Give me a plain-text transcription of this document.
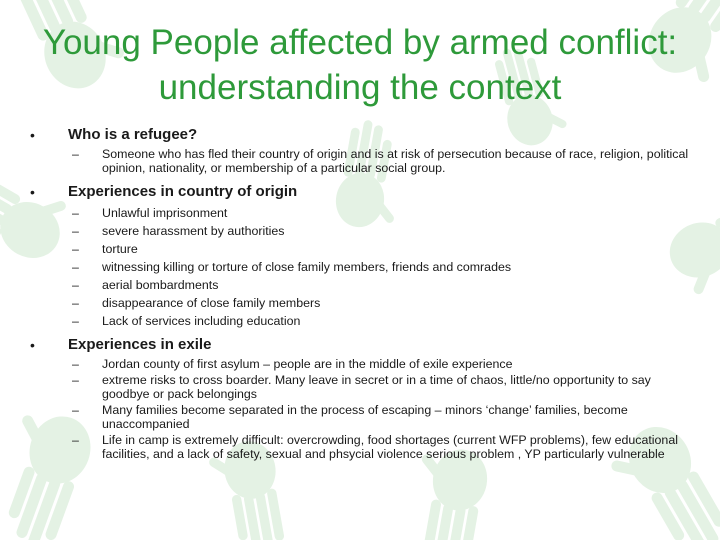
Young People affected by armed conflict: understanding the context
• Who is a refugee?
– Someone who has fled their country of origin and is at risk of persecution because of race, religion, political opinion, nationality, or membership of a particular social group.
• Experiences in country of origin
– Unlawful imprisonment
– severe harassment by authorities
– torture
– witnessing killing or torture of close family members, friends and comrades
– aerial bombardments
– disappearance of close family members
– Lack of services including education
• Experiences in exile
– Jordan county of first asylum – people are in the middle of exile experience
– extreme risks to cross boarder. Many leave in secret or in a time of chaos, little/no opportunity to say goodbye or pack belongings
– Many families become separated in the process of escaping – minors ‘change’ families, become unaccompanied
– Life in camp is extremely difficult: overcrowding, food shortages (current WFP problems), few educational facilities, and a lack of safety, sexual and phsycial violence serious problem , YP particularly vulnerable
